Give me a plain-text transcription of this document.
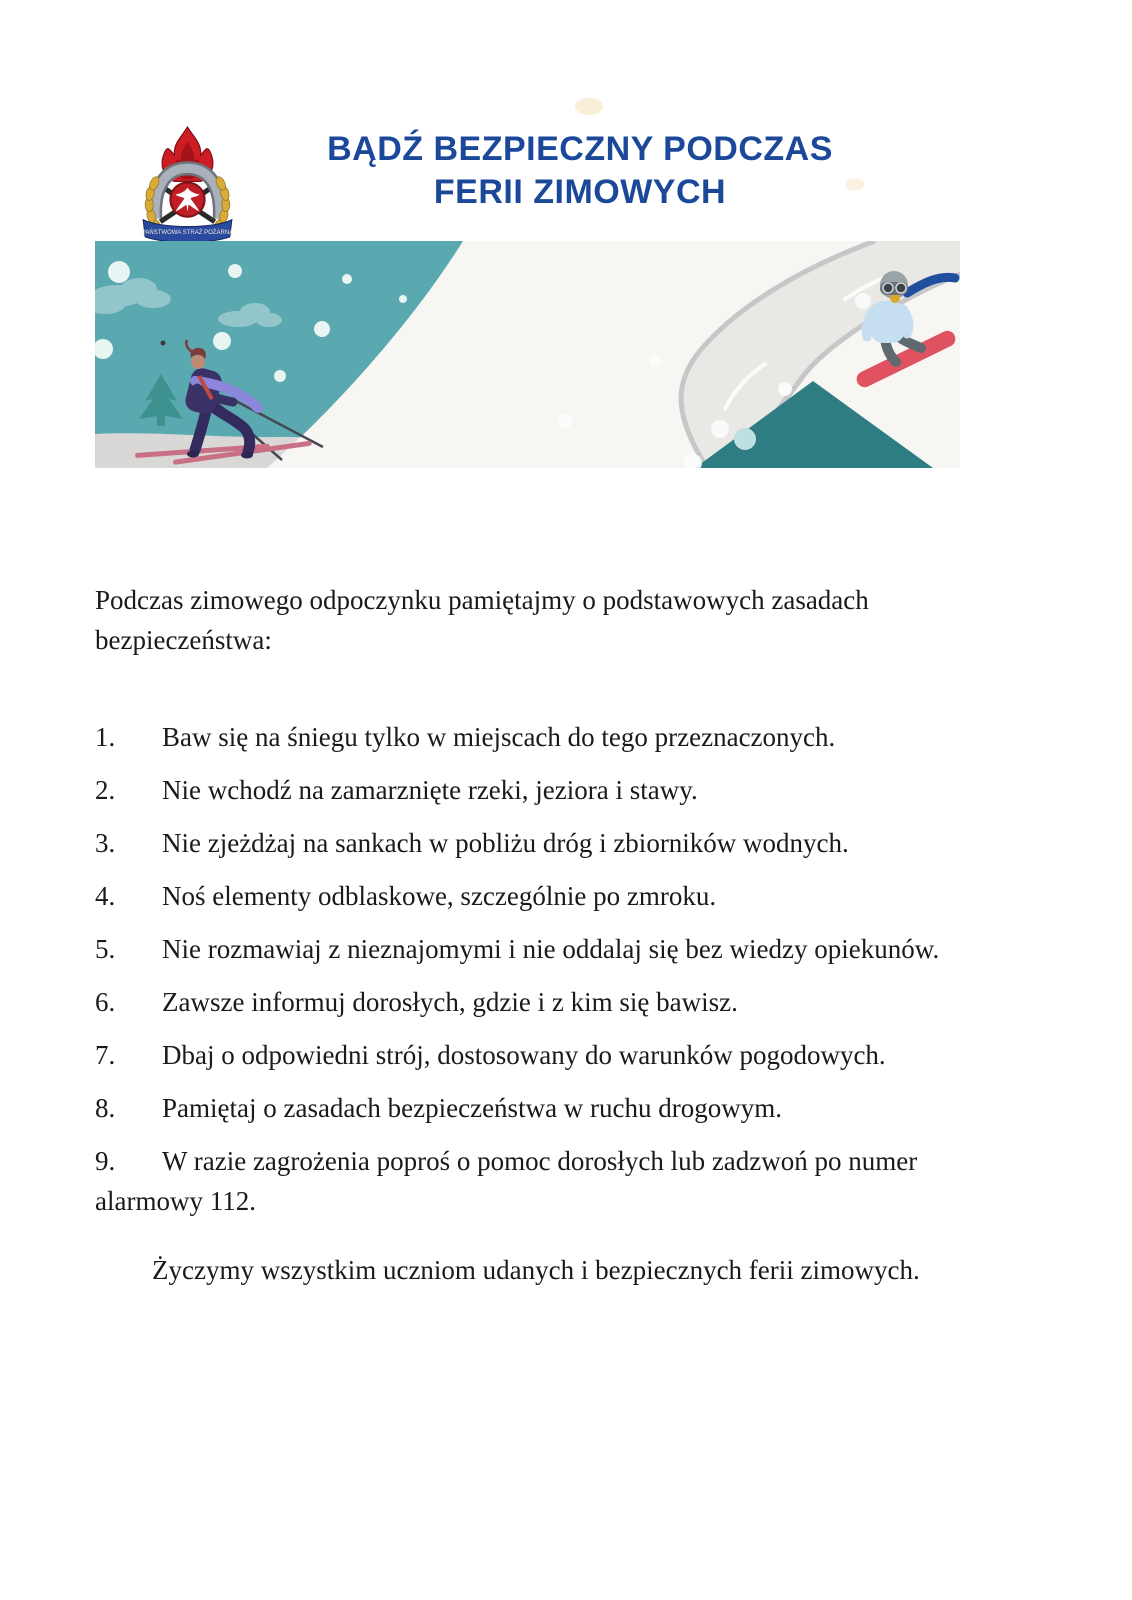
PAŃSTWOWA STRAŻ POŻARNA
BĄDŹ BEZPIECZNY PODCZAS
FERII ZIMOWYCH
Podczas zimowego odpoczynku pamiętajmy o podstawowych zasadach
bezpieczeństwa:
1. Baw się na śniegu tylko w miejscach do tego przeznaczonych.
2. Nie wchodź na zamarznięte rzeki, jeziora i stawy.
3. Nie zjeżdżaj na sankach w pobliżu dróg i zbiorników wodnych.
4. Noś elementy odblaskowe, szczególnie po zmroku.
5. Nie rozmawiaj z nieznajomymi i nie oddalaj się bez wiedzy opiekunów.
6. Zawsze informuj dorosłych, gdzie i z kim się bawisz.
7. Dbaj o odpowiedni strój, dostosowany do warunków pogodowych.
8. Pamiętaj o zasadach bezpieczeństwa w ruchu drogowym.
9. W razie zagrożenia poproś o pomoc dorosłych lub zadzwoń po numer
alarmowy 112.
Życzymy wszystkim uczniom udanych i bezpiecznych ferii zimowych.
